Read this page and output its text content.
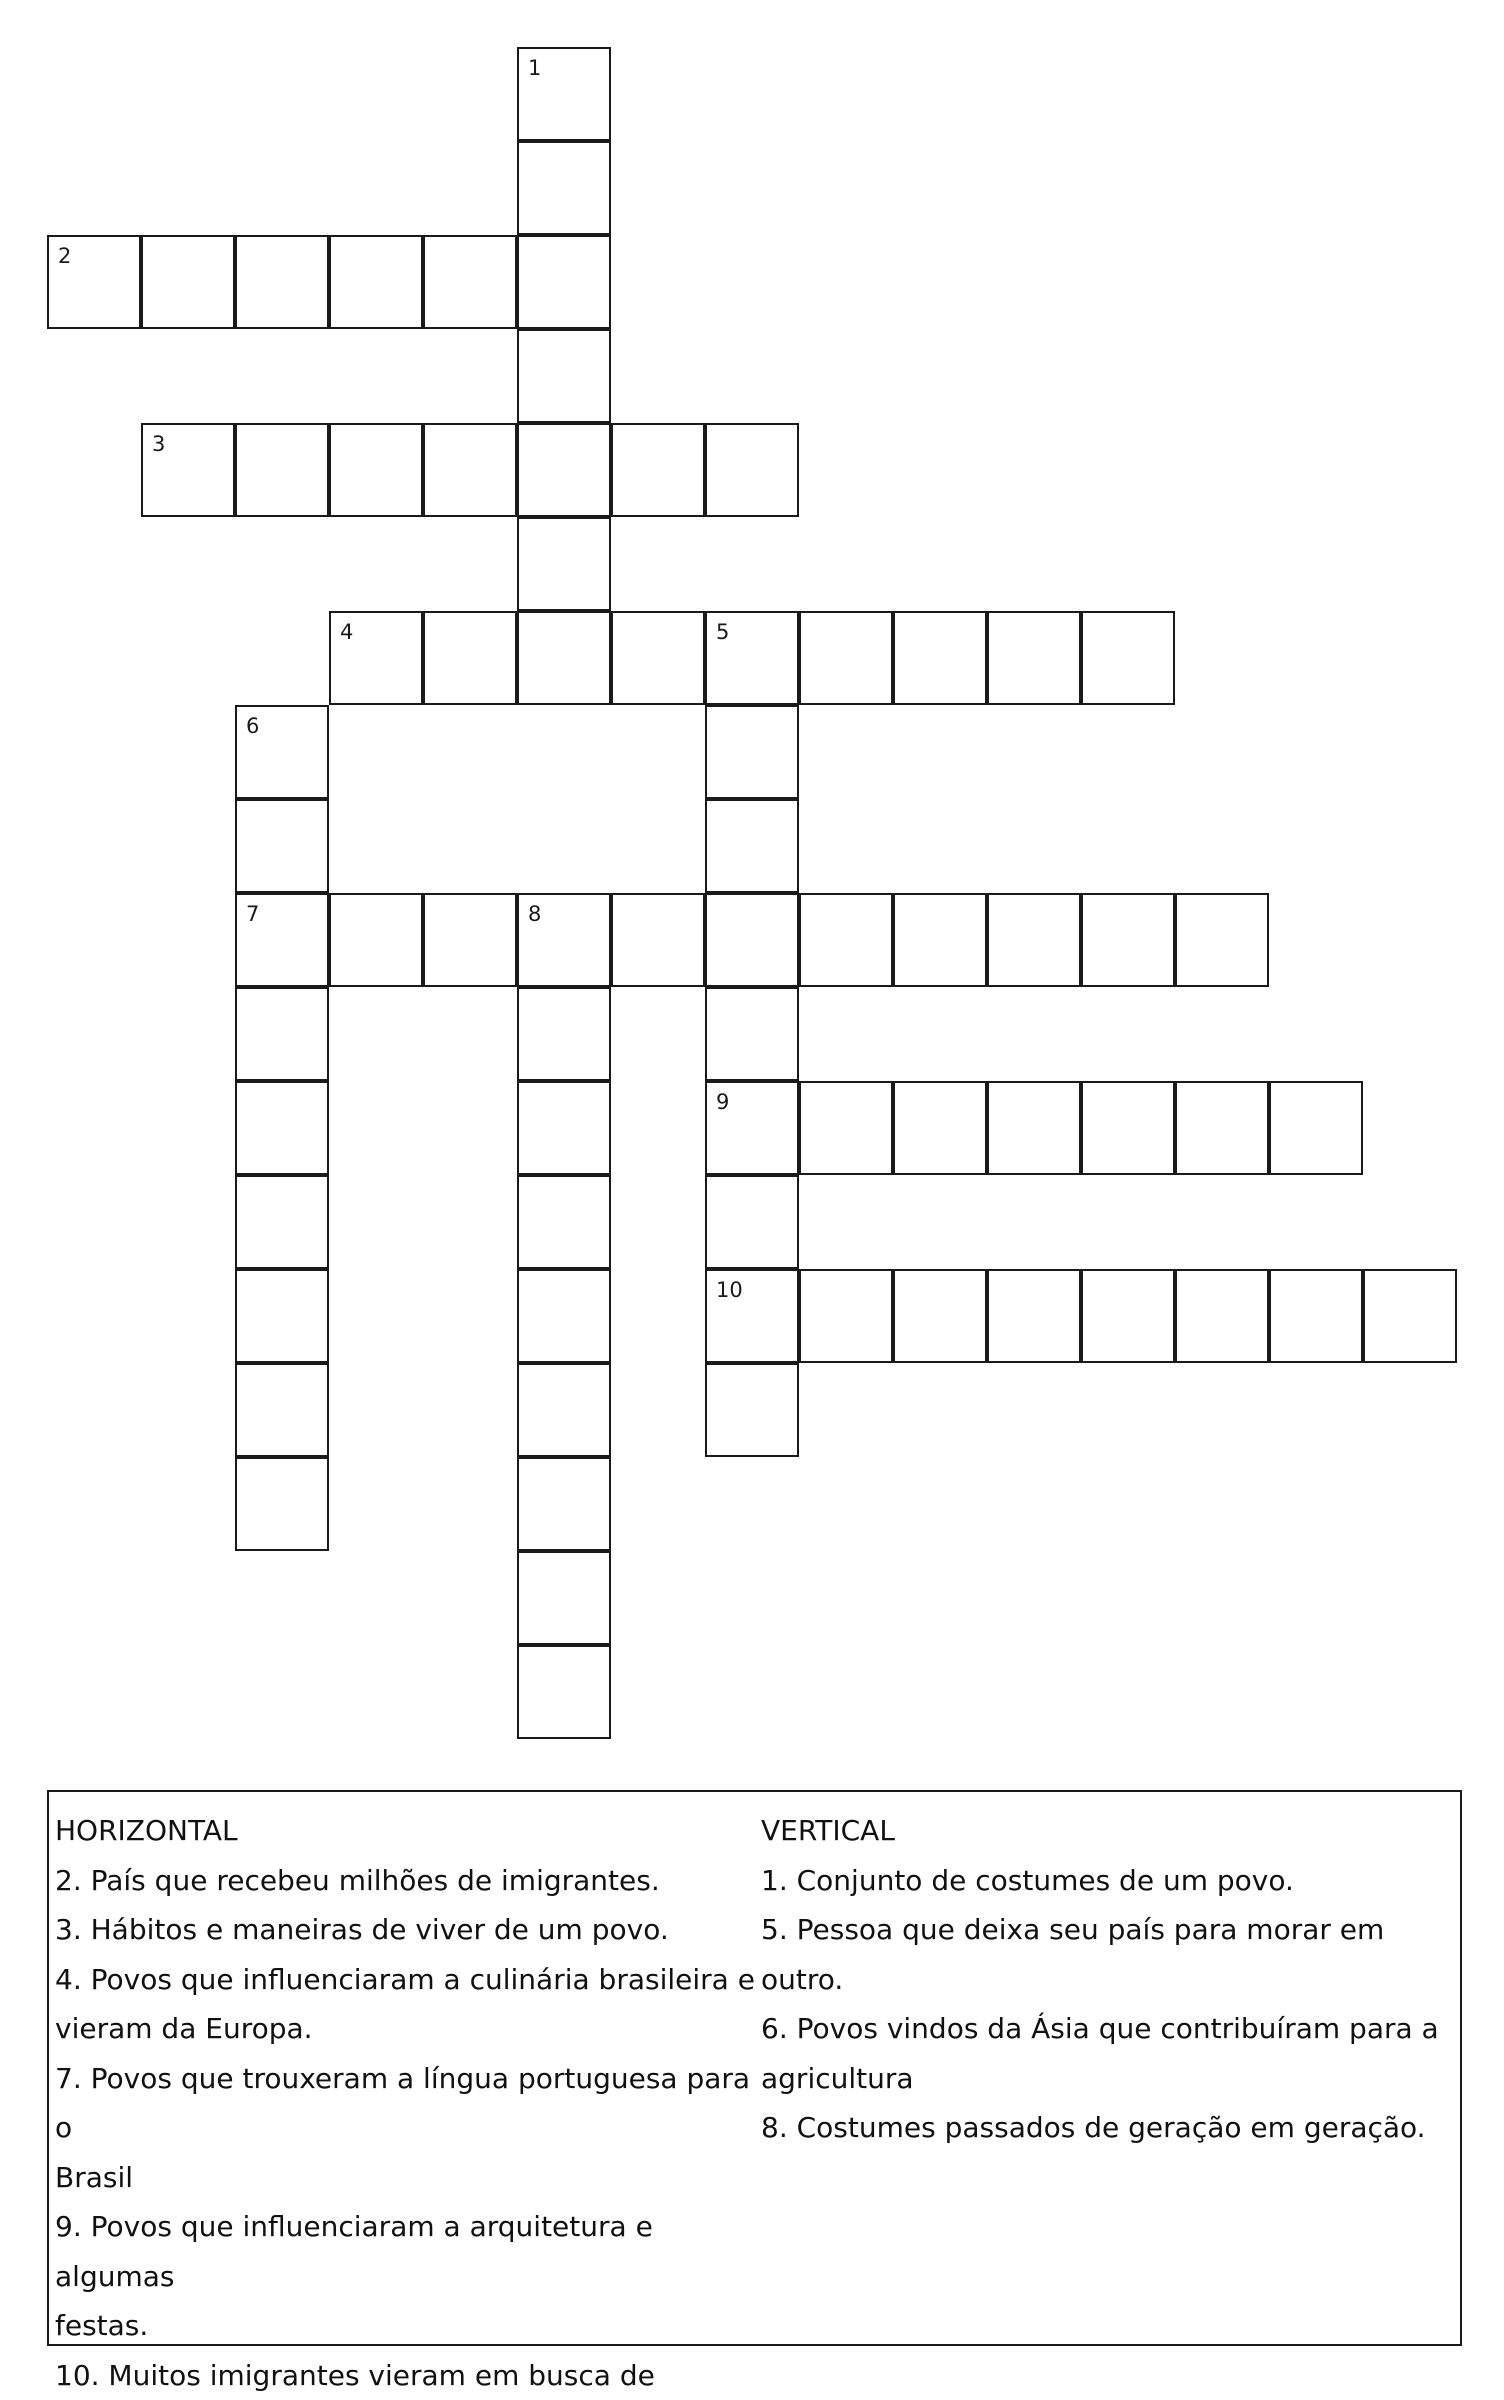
1
2
3
4	5
6
7	8
9
10
HORIZONTAL
2. País que recebeu milhões de imigrantes.
3. Hábitos e maneiras de viver de um povo.
4. Povos que influenciaram a culinária brasileira e
vieram da Europa.
7. Povos que trouxeram a língua portuguesa para o
Brasil
9. Povos que influenciaram a arquitetura e algumas
festas.
10. Muitos imigrantes vieram em busca de
VERTICAL
1. Conjunto de costumes de um povo.
5. Pessoa que deixa seu país para morar em outro.
6. Povos vindos da Ásia que contribuíram para a
agricultura
8. Costumes passados de geração em geração.
